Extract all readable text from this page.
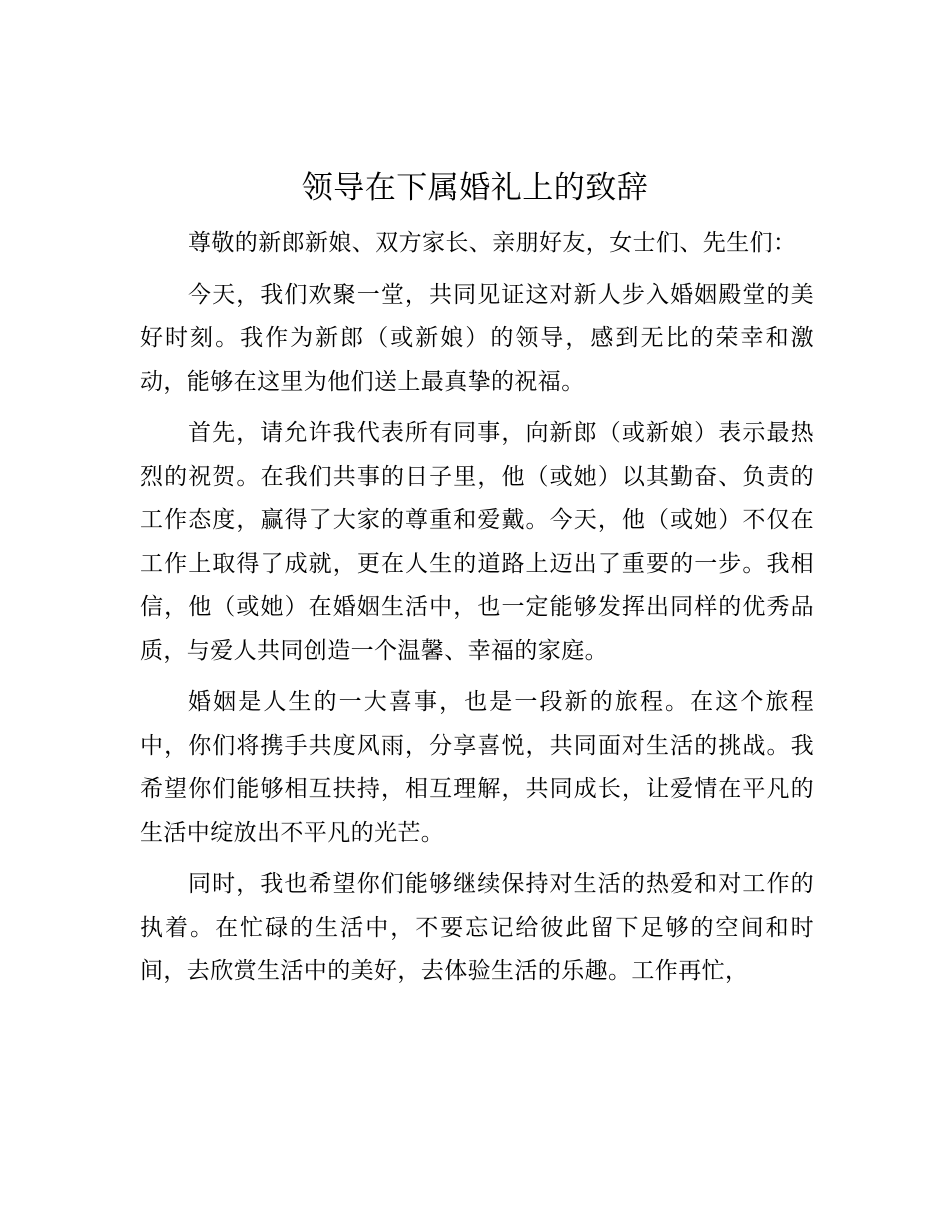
领导在下属婚礼上的致辞

尊敬的新郎新娘、双方家长、亲朋好友，女士们、先生们：

今天，我们欢聚一堂，共同见证这对新人步入婚姻殿堂的美好时刻。我作为新郎（或新娘）的领导，感到无比的荣幸和激动，能够在这里为他们送上最真挚的祝福。

首先，请允许我代表所有同事，向新郎（或新娘）表示最热烈的祝贺。在我们共事的日子里，他（或她）以其勤奋、负责的工作态度，赢得了大家的尊重和爱戴。今天，他（或她）不仅在工作上取得了成就，更在人生的道路上迈出了重要的一步。我相信，他（或她）在婚姻生活中，也一定能够发挥出同样的优秀品质，与爱人共同创造一个温馨、幸福的家庭。

婚姻是人生的一大喜事，也是一段新的旅程。在这个旅程中，你们将携手共度风雨，分享喜悦，共同面对生活的挑战。我希望你们能够相互扶持，相互理解，共同成长，让爱情在平凡的生活中绽放出不平凡的光芒。

同时，我也希望你们能够继续保持对生活的热爱和对工作的执着。在忙碌的生活中，不要忘记给彼此留下足够的空间和时间，去欣赏生活中的美好，去体验生活的乐趣。工作再忙，
